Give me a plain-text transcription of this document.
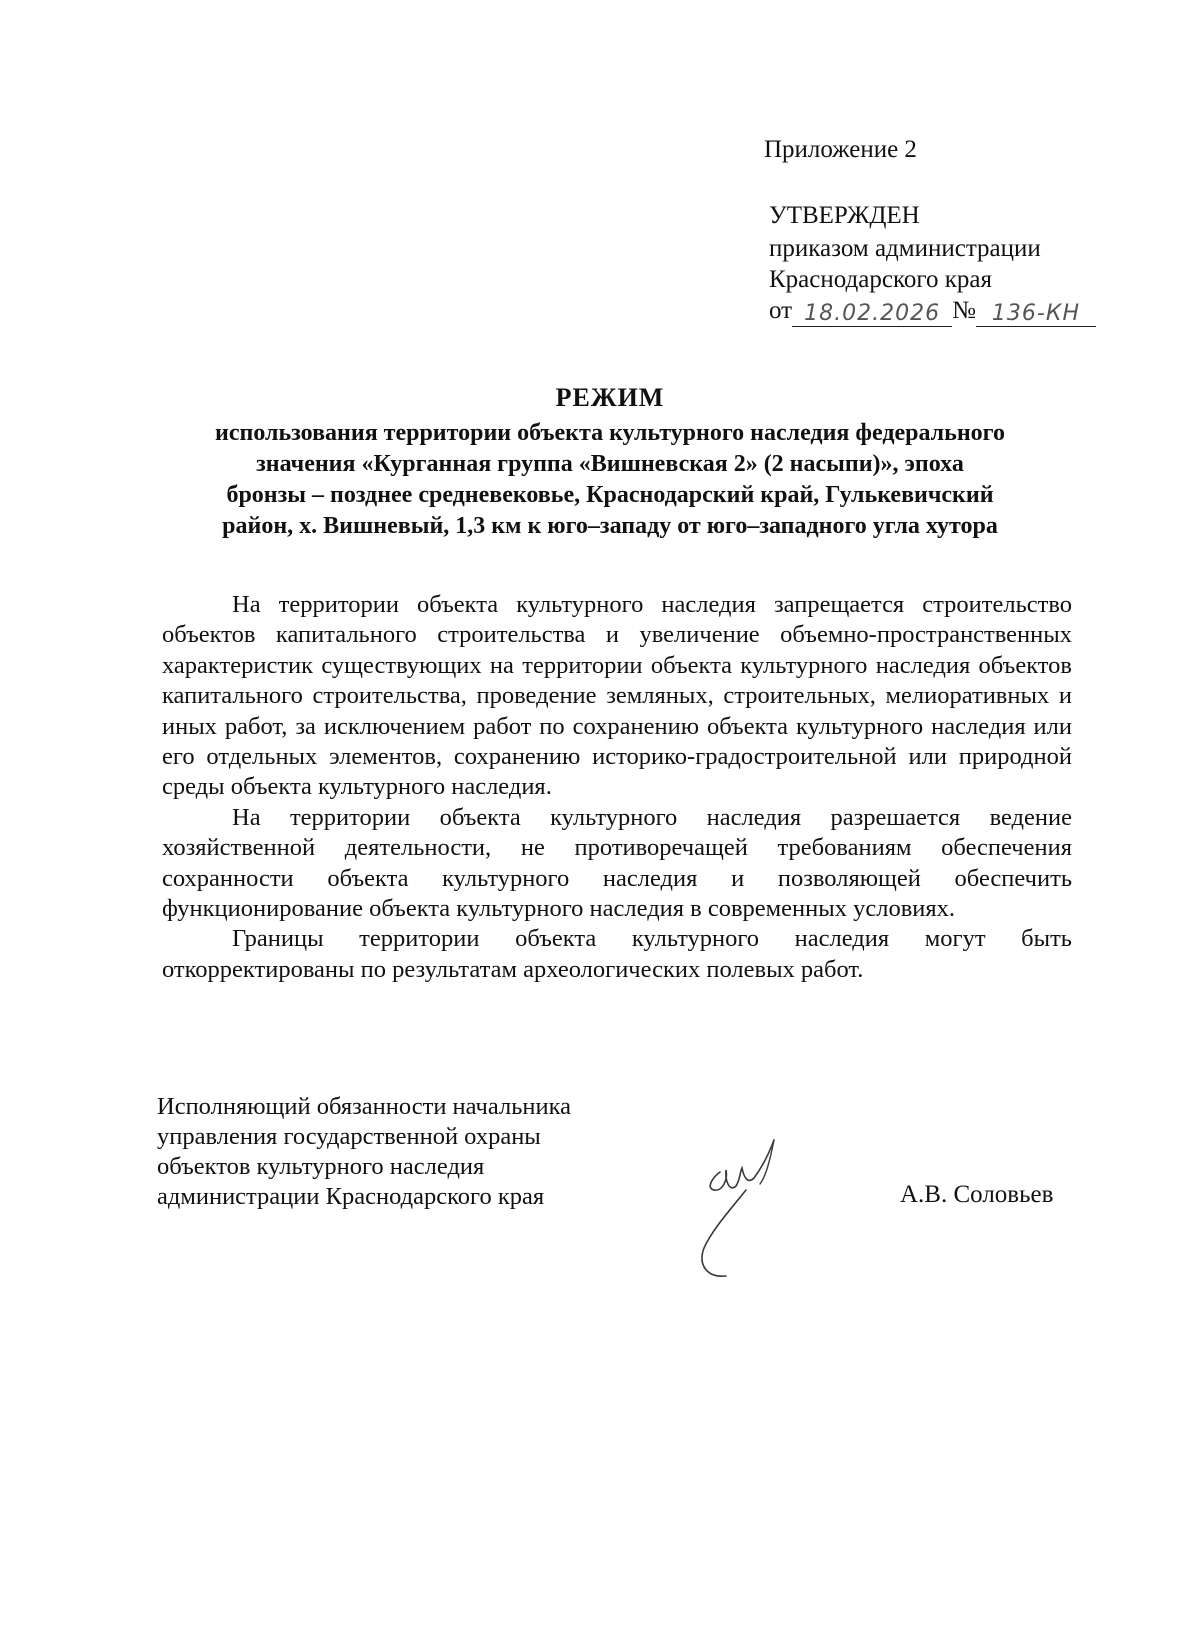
Приложение 2
УТВЕРЖДЕН
приказом администрации
Краснодарского края
от 18.02.2026 № 136-КН
РЕЖИМ
использования территории объекта культурного наследия федерального
значения «Курганная группа «Вишневская 2» (2 насыпи)», эпоха
бронзы – позднее средневековье, Краснодарский край, Гулькевичский
район, х. Вишневый, 1,3 км к юго–западу от юго–западного угла хутора

На территории объекта культурного наследия запрещается строительство объектов капитального строительства и увеличение объемно-пространственных характеристик существующих на территории объекта культурного наследия объектов капитального строительства, проведение земляных, строительных, мелиоративных и иных работ, за исключением работ по сохранению объекта культурного наследия или его отдельных элементов, сохранению историко-градостроительной или природной среды объекта культурного наследия.

На территории объекта культурного наследия разрешается ведение хозяйственной деятельности, не противоречащей требованиям обеспечения сохранности объекта культурного наследия и позволяющей обеспечить функционирование объекта культурного наследия в современных условиях.

Границы территории объекта культурного наследия могут быть откорректированы по результатам археологических полевых работ.

Исполняющий обязанности начальника
управления государственной охраны
объектов культурного наследия
администрации Краснодарского края	А.В. Соловьев
